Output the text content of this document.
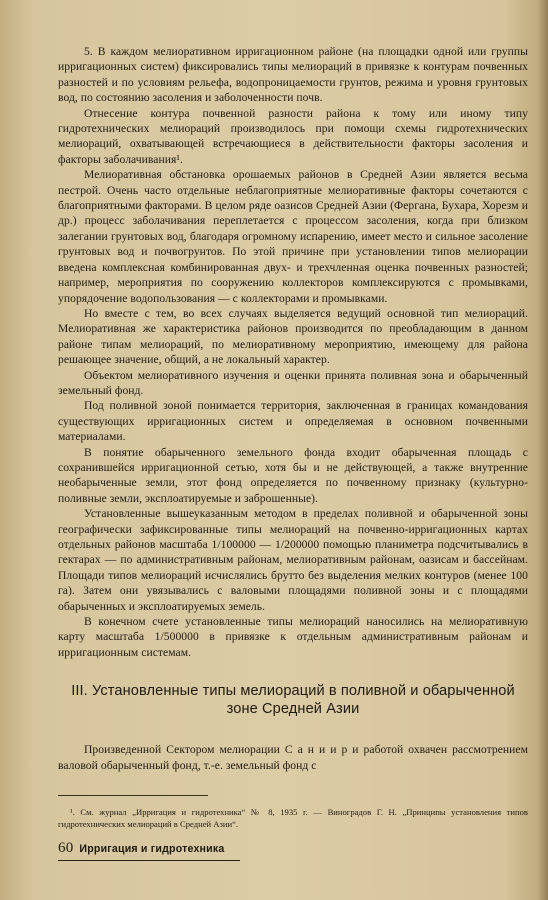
5. В каждом мелиоративном ирригационном районе (на площадки одной или группы ирригационных систем) фиксировались типы мелиораций в привязке к контурам почвенных разностей и по условиям рельефа, водопроницаемости грунтов, режима и уровня грунтовых вод, по состоянию засоления и заболоченности почв.

Отнесение контура почвенной разности района к тому или иному типу гидротехнических мелиораций производилось при помощи схемы гидротехнических мелиораций, охватывающей встречающиеся в действительности факторы засоления и факторы заболачивания¹.

Мелиоративная обстановка орошаемых районов в Средней Азии является весьма пестрой. Очень часто отдельные неблагоприятные мелиоративные факторы сочетаются с благоприятными факторами. В целом ряде оазисов Средней Азии (Фергана, Бухара, Хорезм и др.) процесс заболачивания переплетается с процессом засоления, когда при близком залегании грунтовых вод, благодаря огромному испарению, имеет место и сильное засоление грунтовых вод и почвогрунтов. По этой причине при установлении типов мелиорации введена комплексная комбинированная двух- и трехчленная оценка почвенных разностей; например, мероприятия по сооружению коллекторов комплексируются с промывками, упорядочение водопользования — с коллекторами и промывками.

Но вместе с тем, во всех случаях выделяется ведущий основной тип мелиораций. Мелиоративная же характеристика районов производится по преобладающим в данном районе типам мелиораций, по мелиоративному мероприятию, имеющему для района решающее значение, общий, а не локальный характер.

Объектом мелиоративного изучения и оценки принята поливная зона и обарыченный земельный фонд.

Под поливной зоной понимается территория, заключенная в границах командования существующих ирригационных систем и определяемая в основном почвенными материалами.

В понятие обарыченного земельного фонда входит обарыченная площадь с сохранившейся ирригационной сетью, хотя бы и не действующей, а также внутренние необарыченные земли, этот фонд определяется по почвенному признаку (культурно-поливные земли, эксплоатируемые и заброшенные).

Установленные вышеуказанным методом в пределах поливной и обарыченной зоны географически зафиксированные типы мелиораций на почвенно-ирригационных картах отдельных районов масштаба 1/100000 — 1/200000 помощью планиметра подсчитывались в гектарах — по административным районам, мелиоративным районам, оазисам и бассейнам. Площади типов мелиораций исчислялись брутто без выделения мелких контуров (менее 100 га). Затем они увязывались с валовыми площадями поливной зоны и с площадями обарыченных и эксплоатируемых земель.

В конечном счете установленные типы мелиораций наносились на мелиоративную карту масштаба 1/500000 в привязке к отдельным административным районам и ирригационным системам.

III. Установленные типы мелиораций в поливной и обарыченной зоне Средней Азии

Произведенной Сектором мелиорации С а н и и р и работой охвачен рассмотрением валовой обарыченный фонд, т.-е. земельный фонд с

¹. См. журнал „Ирригация и гидротехника“ № 8, 1935 г. — Виноградов Г. Н. „Принципы установления типов гидротехнических мелиораций в Средней Азии“.

60 Ирригация и гидротехника
